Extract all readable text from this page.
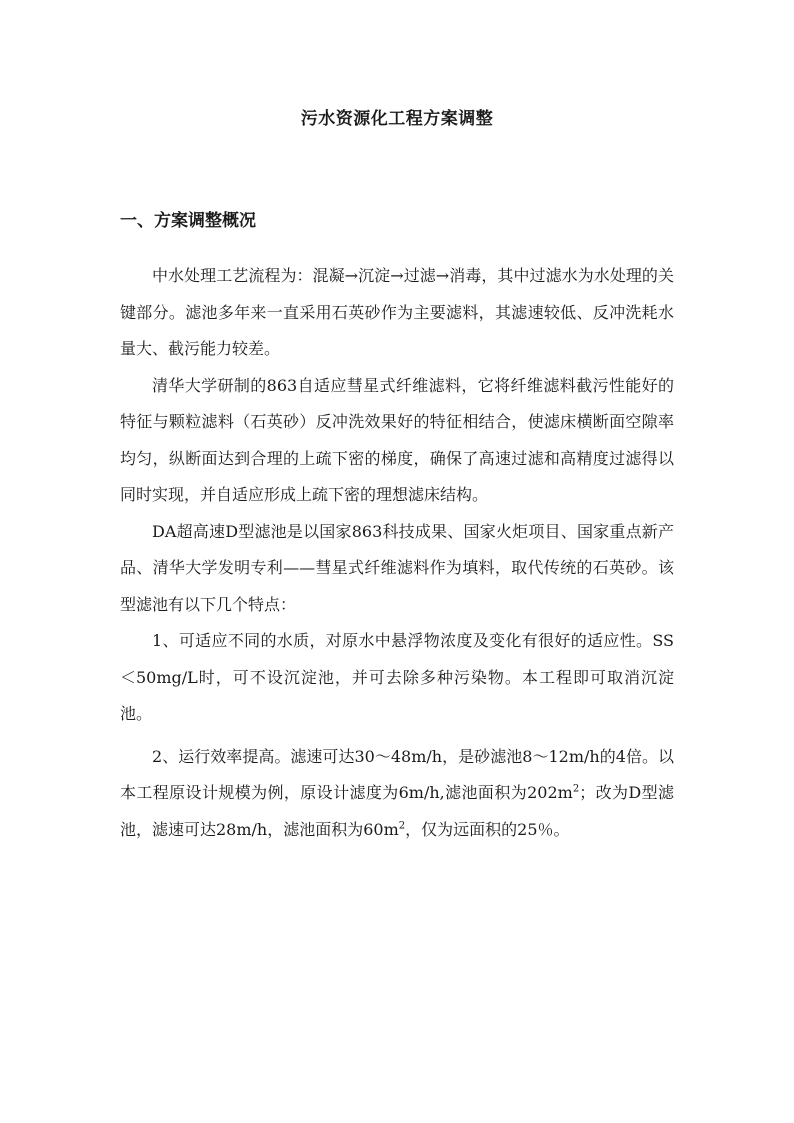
污水资源化工程方案调整
一、方案调整概况

中水处理工艺流程为：混凝→沉淀→过滤→消毒，其中过滤水为水处理的关键部分。滤池多年来一直采用石英砂作为主要滤料，其滤速较低、反冲洗耗水量大、截污能力较差。

清华大学研制的863自适应彗星式纤维滤料，它将纤维滤料截污性能好的特征与颗粒滤料（石英砂）反冲洗效果好的特征相结合，使滤床横断面空隙率均匀，纵断面达到合理的上疏下密的梯度，确保了高速过滤和高精度过滤得以同时实现，并自适应形成上疏下密的理想滤床结构。

DA超高速D型滤池是以国家863科技成果、国家火炬项目、国家重点新产品、清华大学发明专利——彗星式纤维滤料作为填料，取代传统的石英砂。该型滤池有以下几个特点：

1、可适应不同的水质，对原水中悬浮物浓度及变化有很好的适应性。SS＜50mg/L时，可不设沉淀池，并可去除多种污染物。本工程即可取消沉淀池。

2、运行效率提高。滤速可达30～48m/h，是砂滤池8～12m/h的4倍。以本工程原设计规模为例，原设计滤度为6m/h,滤池面积为$202m^2$；改为D型滤池，滤速可达28m/h，滤池面积为$60m^2$，仅为远面积的25％。
